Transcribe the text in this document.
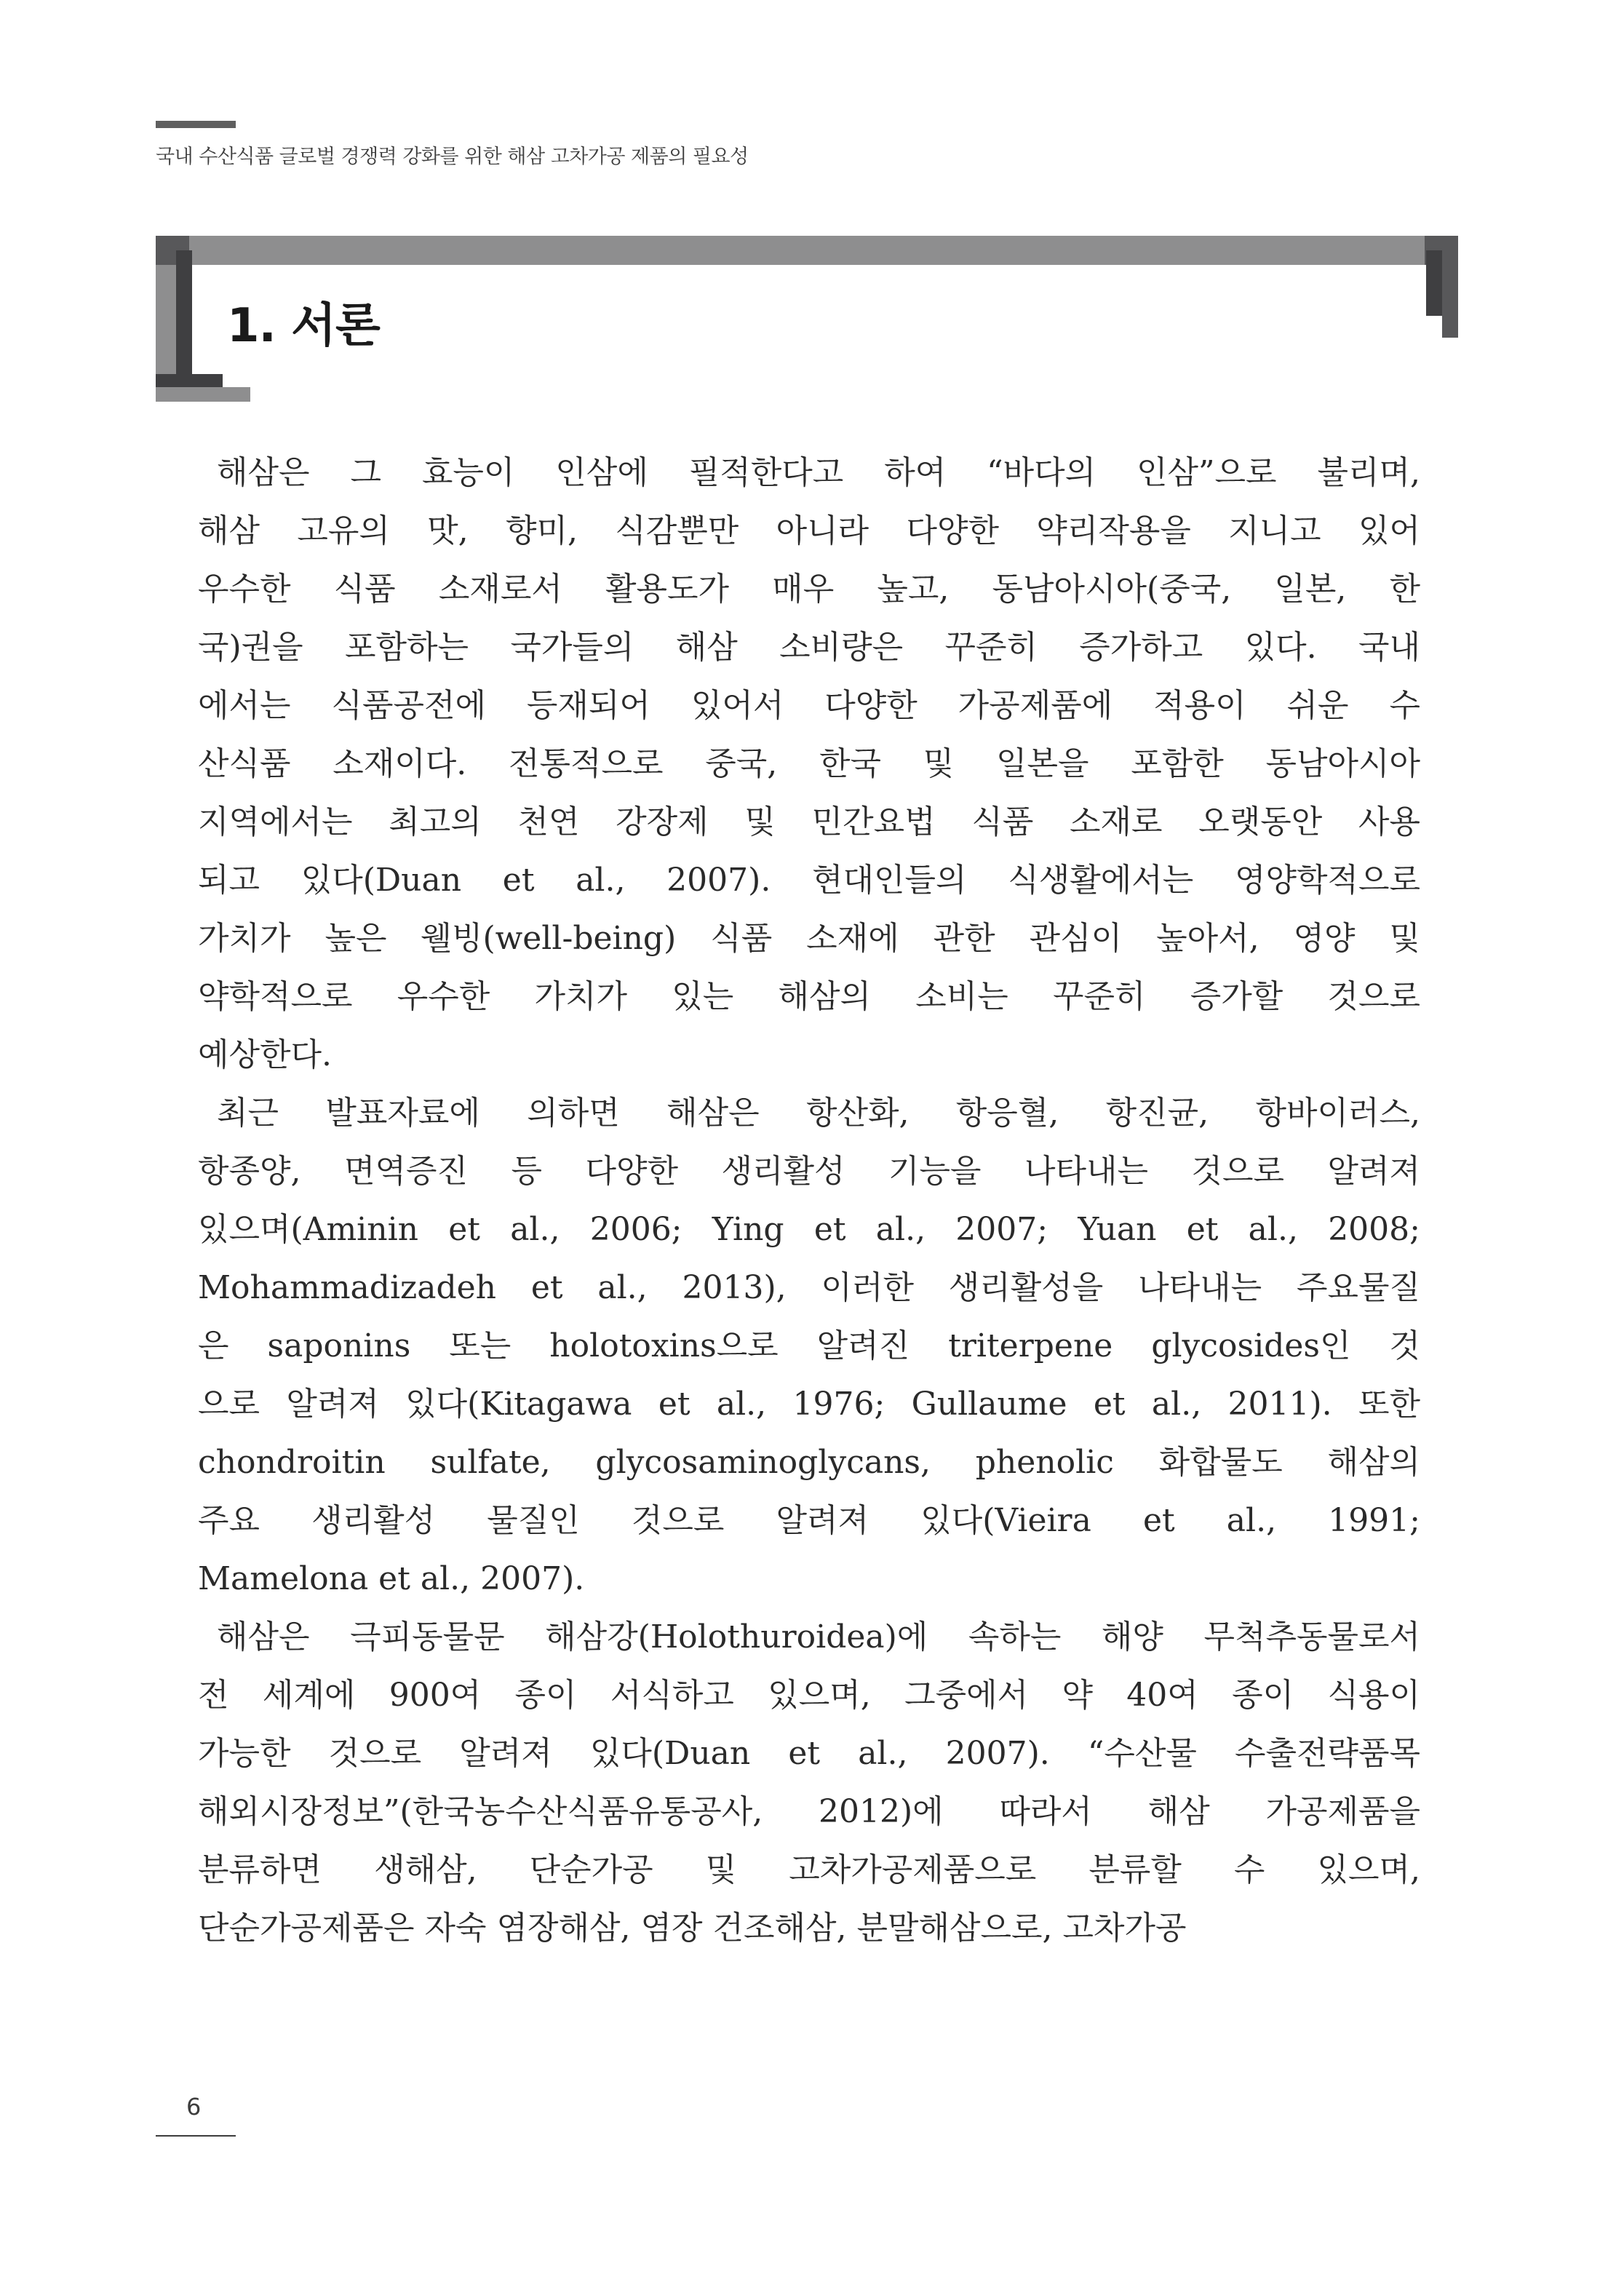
국내 수산식품 글로벌 경쟁력 강화를 위한 해삼 고차가공 제품의 필요성
1. 서론
해삼은 그 효능이 인삼에 필적한다고 하여 “바다의 인삼”으로 불리며,
해삼 고유의 맛, 향미, 식감뿐만 아니라 다양한 약리작용을 지니고 있어
우수한 식품 소재로서 활용도가 매우 높고, 동남아시아(중국, 일본, 한
국)권을 포함하는 국가들의 해삼 소비량은 꾸준히 증가하고 있다. 국내
에서는 식품공전에 등재되어 있어서 다양한 가공제품에 적용이 쉬운 수
산식품 소재이다. 전통적으로 중국, 한국 및 일본을 포함한 동남아시아
지역에서는 최고의 천연 강장제 및 민간요법 식품 소재로 오랫동안 사용
되고 있다(Duan et al., 2007). 현대인들의 식생활에서는 영양학적으로
가치가 높은 웰빙(well-being) 식품 소재에 관한 관심이 높아서, 영양 및
약학적으로 우수한 가치가 있는 해삼의 소비는 꾸준히 증가할 것으로
예상한다.
최근 발표자료에 의하면 해삼은 항산화, 항응혈, 항진균, 항바이러스,
항종양, 면역증진 등 다양한 생리활성 기능을 나타내는 것으로 알려져
있으며(Aminin et al., 2006; Ying et al., 2007; Yuan et al., 2008;
Mohammadizadeh et al., 2013), 이러한 생리활성을 나타내는 주요물질
은 saponins 또는 holotoxins으로 알려진 triterpene glycosides인 것
으로 알려져 있다(Kitagawa et al., 1976; Gullaume et al., 2011). 또한
chondroitin sulfate, glycosaminoglycans, phenolic 화합물도 해삼의
주요 생리활성 물질인 것으로 알려져 있다(Vieira et al., 1991;
Mamelona et al., 2007).
해삼은 극피동물문 해삼강(Holothuroidea)에 속하는 해양 무척추동물로서
전 세계에 900여 종이 서식하고 있으며, 그중에서 약 40여 종이 식용이
가능한 것으로 알려져 있다(Duan et al., 2007). “수산물 수출전략품목
해외시장정보”(한국농수산식품유통공사, 2012)에 따라서 해삼 가공제품을
분류하면 생해삼, 단순가공 및 고차가공제품으로 분류할 수 있으며,
단순가공제품은 자숙 염장해삼, 염장 건조해삼, 분말해삼으로, 고차가공
6
